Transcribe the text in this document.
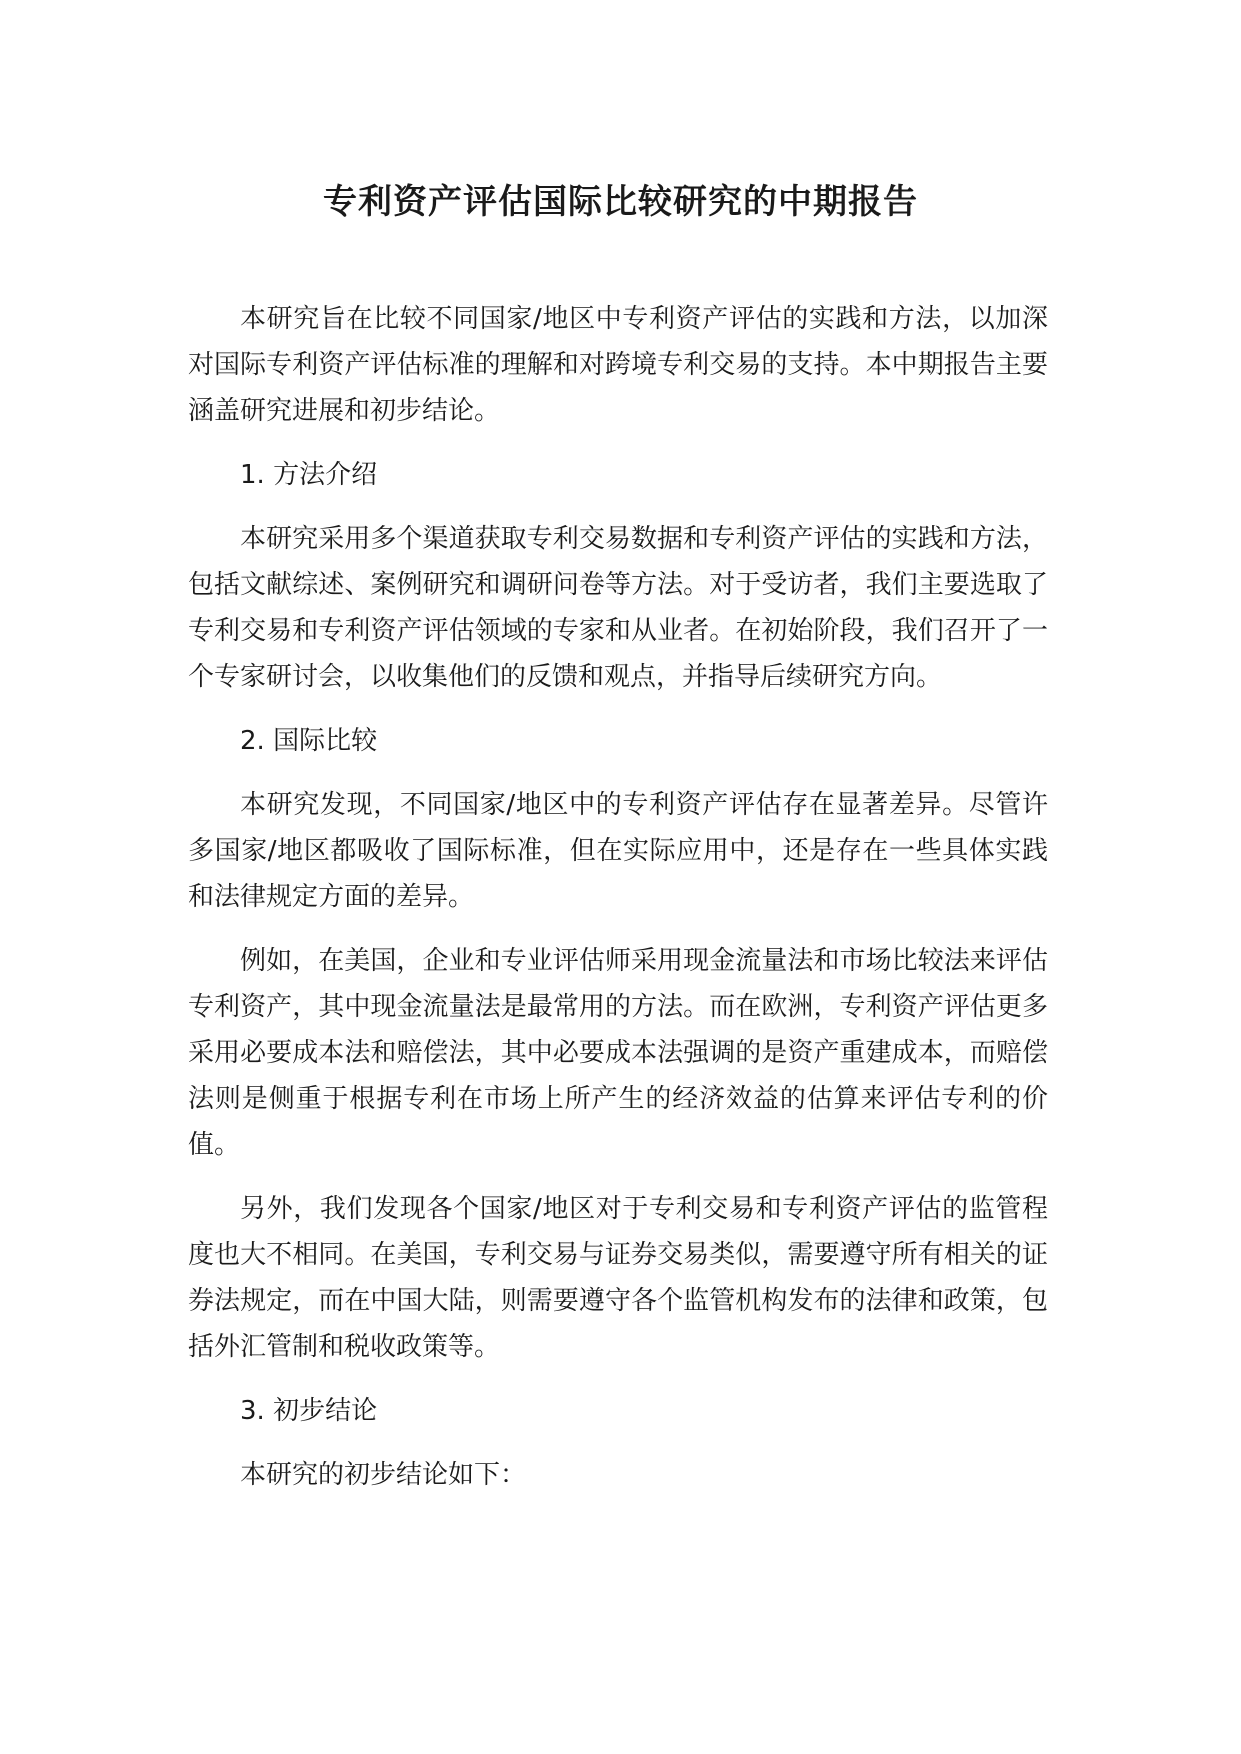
专利资产评估国际比较研究的中期报告

本研究旨在比较不同国家/地区中专利资产评估的实践和方法，以加深对国际专利资产评估标准的理解和对跨境专利交易的支持。本中期报告主要涵盖研究进展和初步结论。

1. 方法介绍

本研究采用多个渠道获取专利交易数据和专利资产评估的实践和方法，包括文献综述、案例研究和调研问卷等方法。对于受访者，我们主要选取了专利交易和专利资产评估领域的专家和从业者。在初始阶段，我们召开了一个专家研讨会，以收集他们的反馈和观点，并指导后续研究方向。

2. 国际比较

本研究发现，不同国家/地区中的专利资产评估存在显著差异。尽管许多国家/地区都吸收了国际标准，但在实际应用中，还是存在一些具体实践和法律规定方面的差异。

例如，在美国，企业和专业评估师采用现金流量法和市场比较法来评估专利资产，其中现金流量法是最常用的方法。而在欧洲，专利资产评估更多采用必要成本法和赔偿法，其中必要成本法强调的是资产重建成本，而赔偿法则是侧重于根据专利在市场上所产生的经济效益的估算来评估专利的价值。

另外，我们发现各个国家/地区对于专利交易和专利资产评估的监管程度也大不相同。在美国，专利交易与证券交易类似，需要遵守所有相关的证券法规定，而在中国大陆，则需要遵守各个监管机构发布的法律和政策，包括外汇管制和税收政策等。

3. 初步结论

本研究的初步结论如下：
